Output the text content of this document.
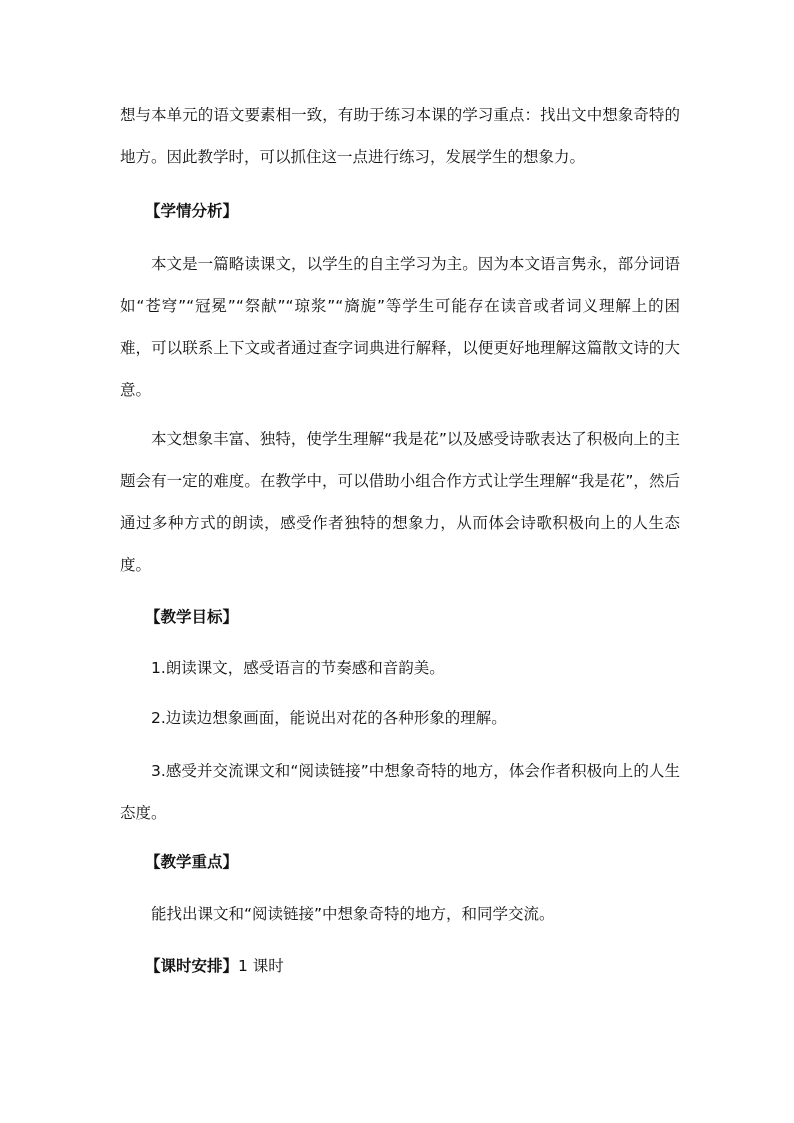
想与本单元的语文要素相一致，有助于练习本课的学习重点：找出文中想象奇特的地方。因此教学时，可以抓住这一点进行练习，发展学生的想象力。

【学情分析】

本文是一篇略读课文，以学生的自主学习为主。因为本文语言隽永，部分词语如“苍穹”“冠冕”“祭献”“琼浆”“旖旎”等学生可能存在读音或者词义理解上的困难，可以联系上下文或者通过查字词典进行解释，以便更好地理解这篇散文诗的大意。

本文想象丰富、独特，使学生理解“我是花”以及感受诗歌表达了积极向上的主题会有一定的难度。在教学中，可以借助小组合作方式让学生理解“我是花”，然后通过多种方式的朗读，感受作者独特的想象力，从而体会诗歌积极向上的人生态度。

【教学目标】

1.朗读课文，感受语言的节奏感和音韵美。

2.边读边想象画面，能说出对花的各种形象的理解。

3.感受并交流课文和“阅读链接”中想象奇特的地方，体会作者积极向上的人生态度。

【教学重点】

能找出课文和“阅读链接”中想象奇特的地方，和同学交流。

【课时安排】1 课时
